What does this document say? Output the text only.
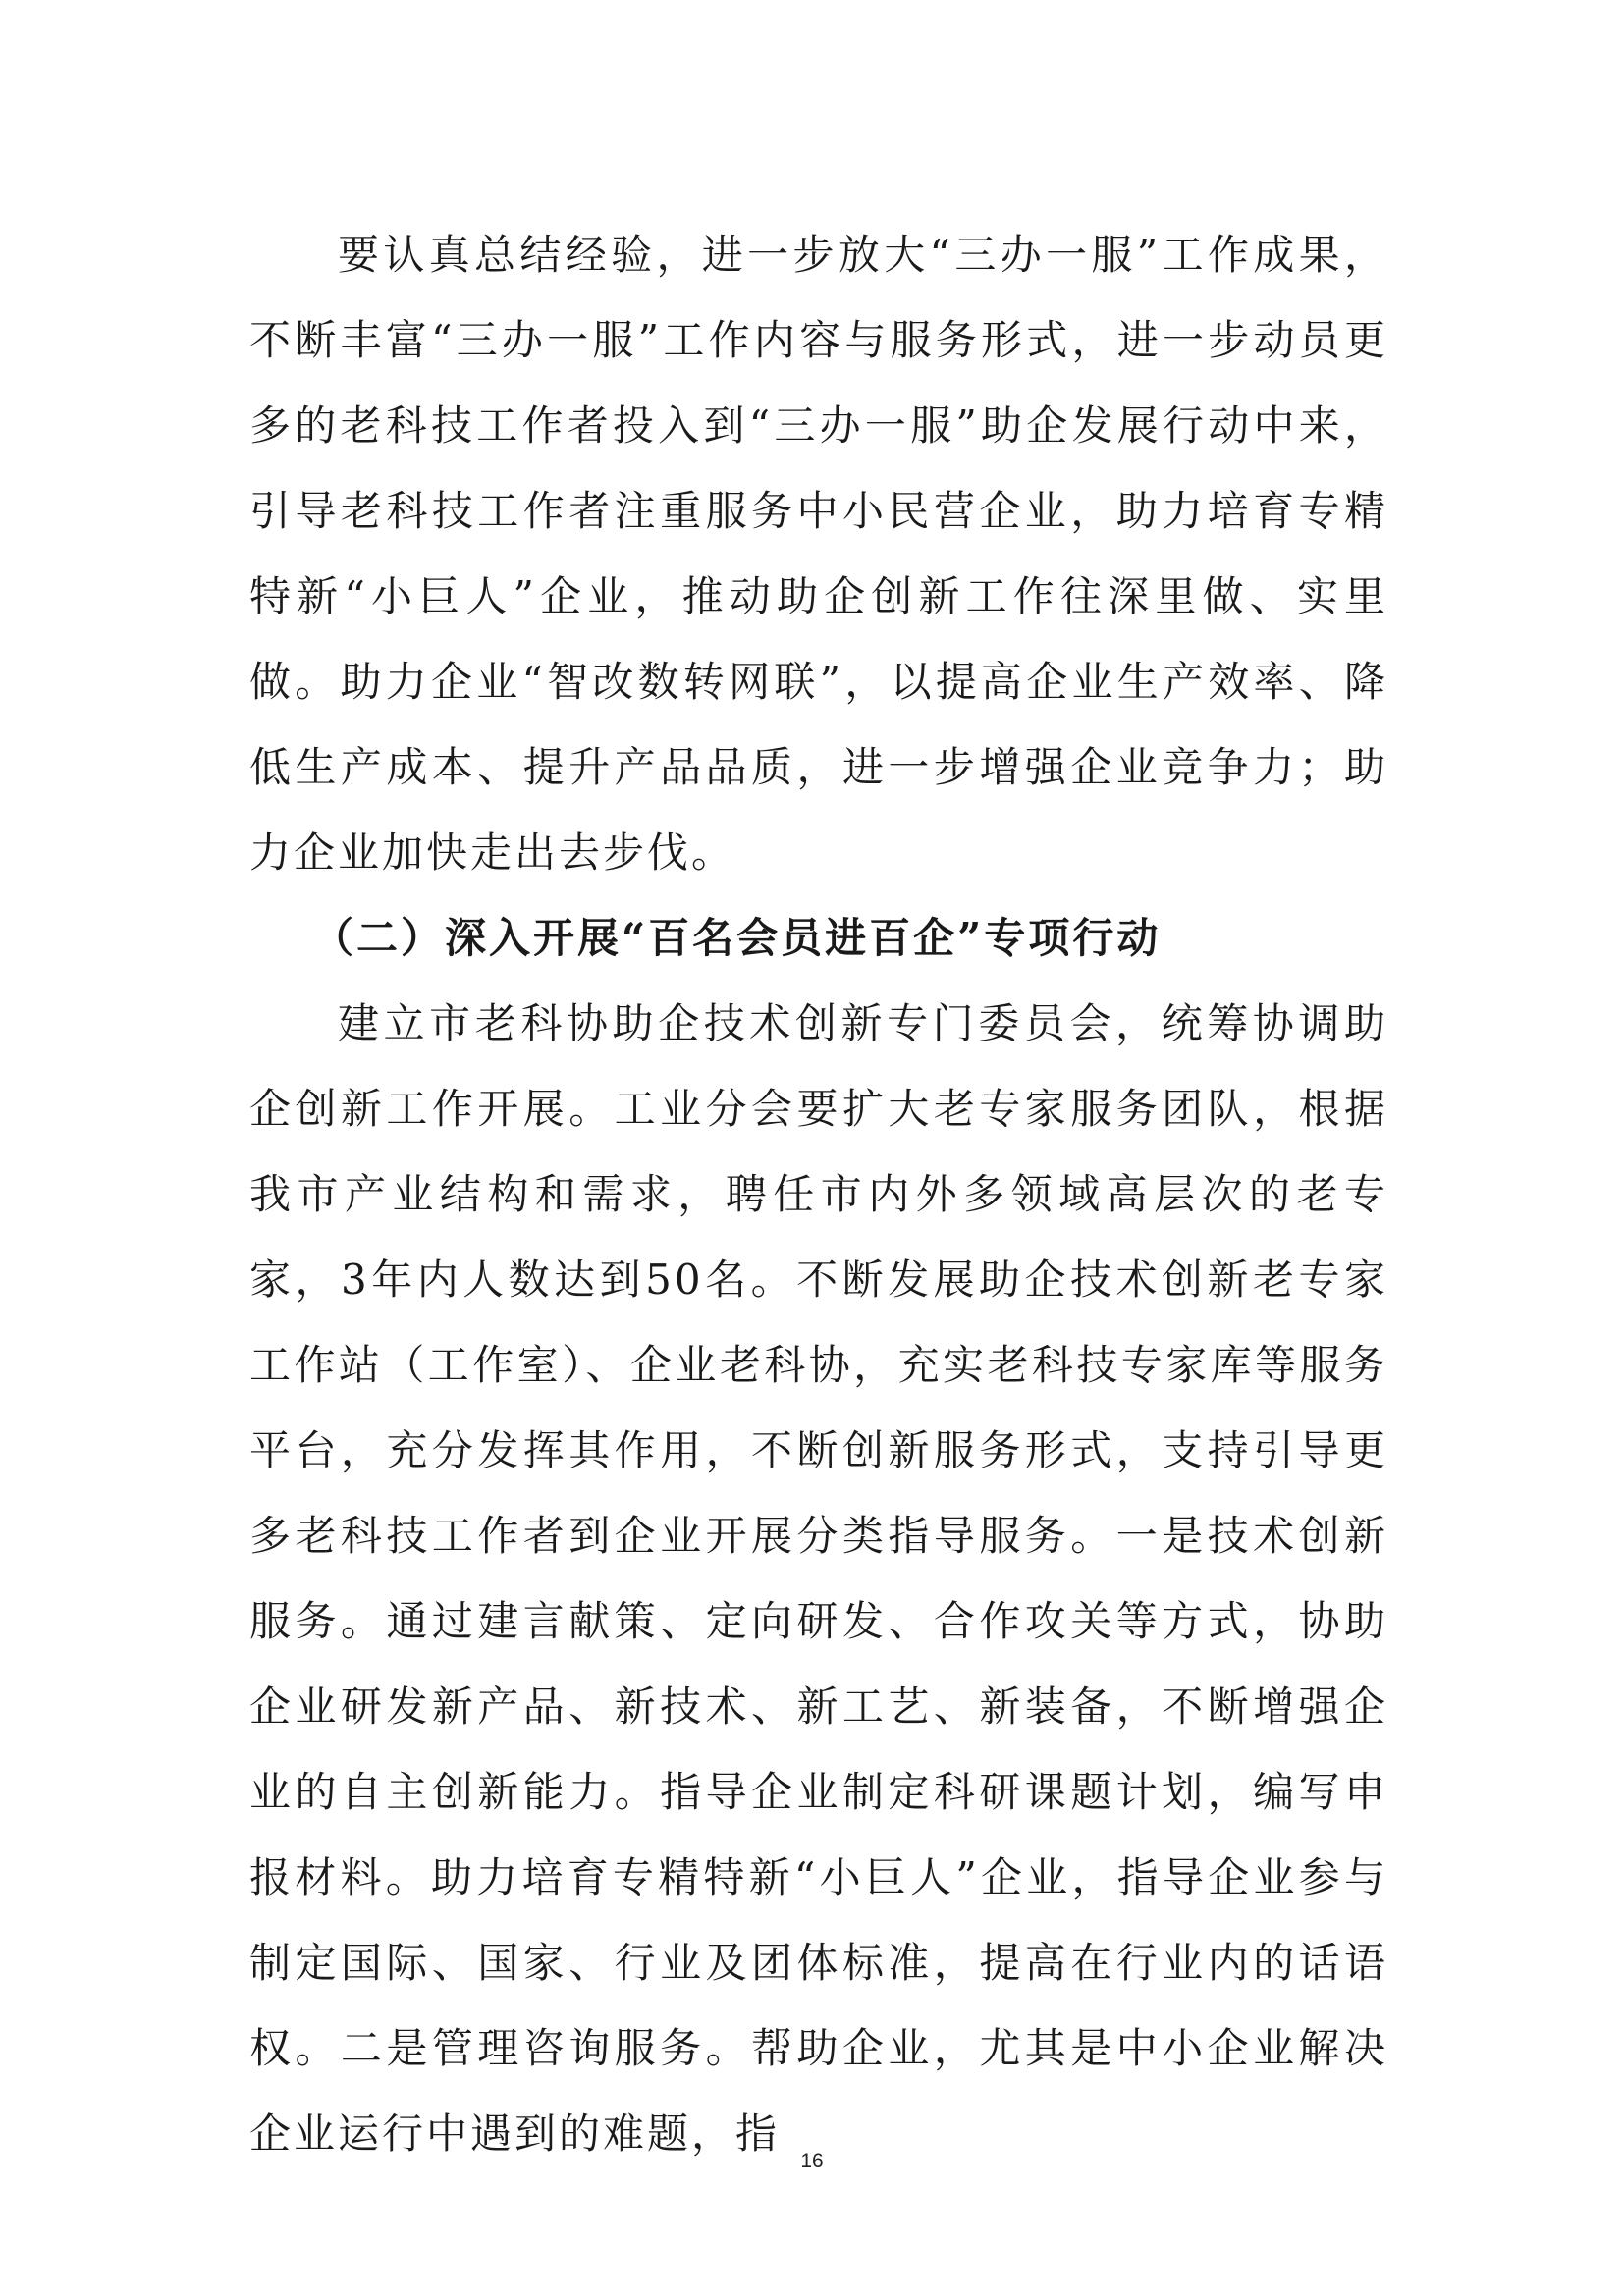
要认真总结经验，进一步放大“三办一服”工作成果，不断丰富“三办一服”工作内容与服务形式，进一步动员更多的老科技工作者投入到“三办一服”助企发展行动中来，引导老科技工作者注重服务中小民营企业，助力培育专精特新“小巨人”企业，推动助企创新工作往深里做、实里做。助力企业“智改数转网联”，以提高企业生产效率、降低生产成本、提升产品品质，进一步增强企业竞争力；助力企业加快走出去步伐。

（二）深入开展“百名会员进百企”专项行动

建立市老科协助企技术创新专门委员会，统筹协调助企创新工作开展。工业分会要扩大老专家服务团队，根据我市产业结构和需求，聘任市内外多领域高层次的老专家，3年内人数达到50名。不断发展助企技术创新老专家工作站（工作室）、企业老科协，充实老科技专家库等服务平台，充分发挥其作用，不断创新服务形式，支持引导更多老科技工作者到企业开展分类指导服务。一是技术创新服务。通过建言献策、定向研发、合作攻关等方式，协助企业研发新产品、新技术、新工艺、新装备，不断增强企业的自主创新能力。指导企业制定科研课题计划，编写申报材料。助力培育专精特新“小巨人”企业，指导企业参与制定国际、国家、行业及团体标准，提高在行业内的话语权。二是管理咨询服务。帮助企业，尤其是中小企业解决企业运行中遇到的难题，指

16
